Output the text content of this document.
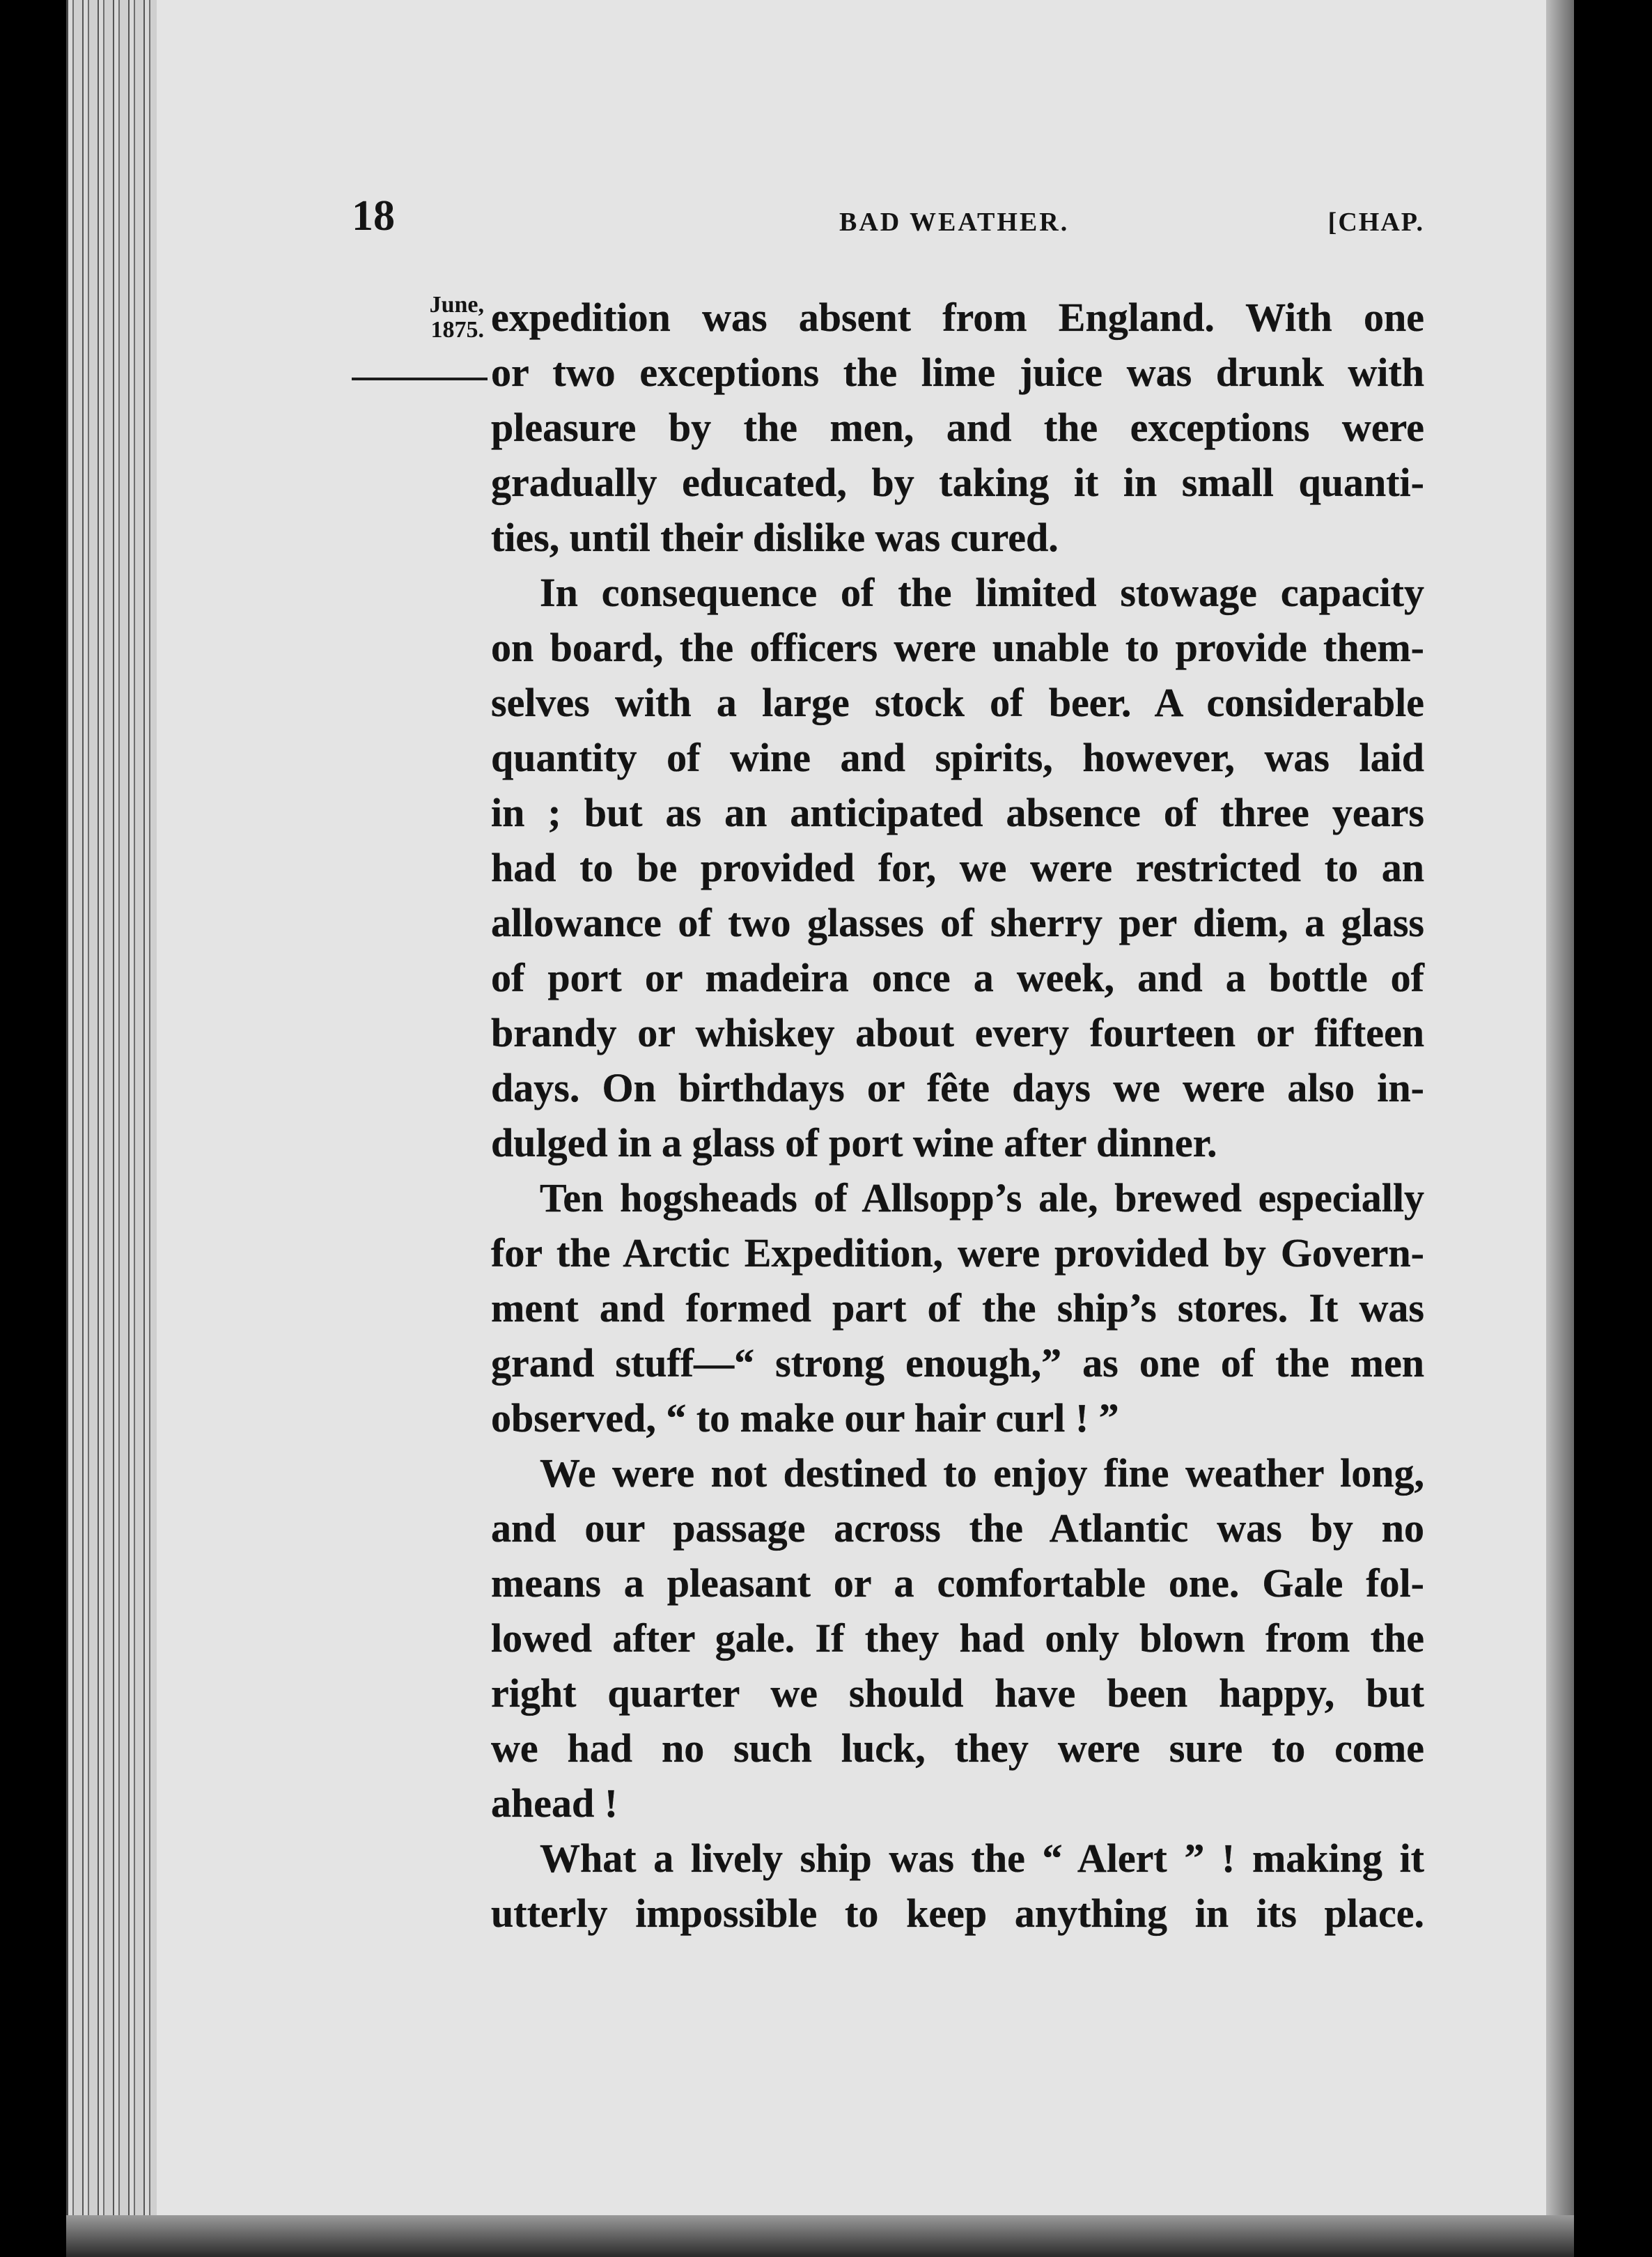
18	BAD WEATHER.	[CHAP.
June,
1875. expedition was absent from England. With one
or two exceptions the lime juice was drunk with
pleasure by the men, and the exceptions were
gradually educated, by taking it in small quanti-
ties, until their dislike was cured.

In consequence of the limited stowage capacity
on board, the officers were unable to provide them-
selves with a large stock of beer. A considerable
quantity of wine and spirits, however, was laid
in ; but as an anticipated absence of three years
had to be provided for, we were restricted to an
allowance of two glasses of sherry per diem, a glass
of port or madeira once a week, and a bottle of
brandy or whiskey about every fourteen or fifteen
days. On birthdays or fête days we were also in-
dulged in a glass of port wine after dinner.

Ten hogsheads of Allsopp’s ale, brewed especially
for the Arctic Expedition, were provided by Govern-
ment and formed part of the ship’s stores. It was
grand stuff—“ strong enough,” as one of the men
observed, “ to make our hair curl ! ”

We were not destined to enjoy fine weather long,
and our passage across the Atlantic was by no
means a pleasant or a comfortable one. Gale fol-
lowed after gale. If they had only blown from the
right quarter we should have been happy, but
we had no such luck, they were sure to come
ahead !

What a lively ship was the “ Alert ” ! making it
utterly impossible to keep anything in its place.
